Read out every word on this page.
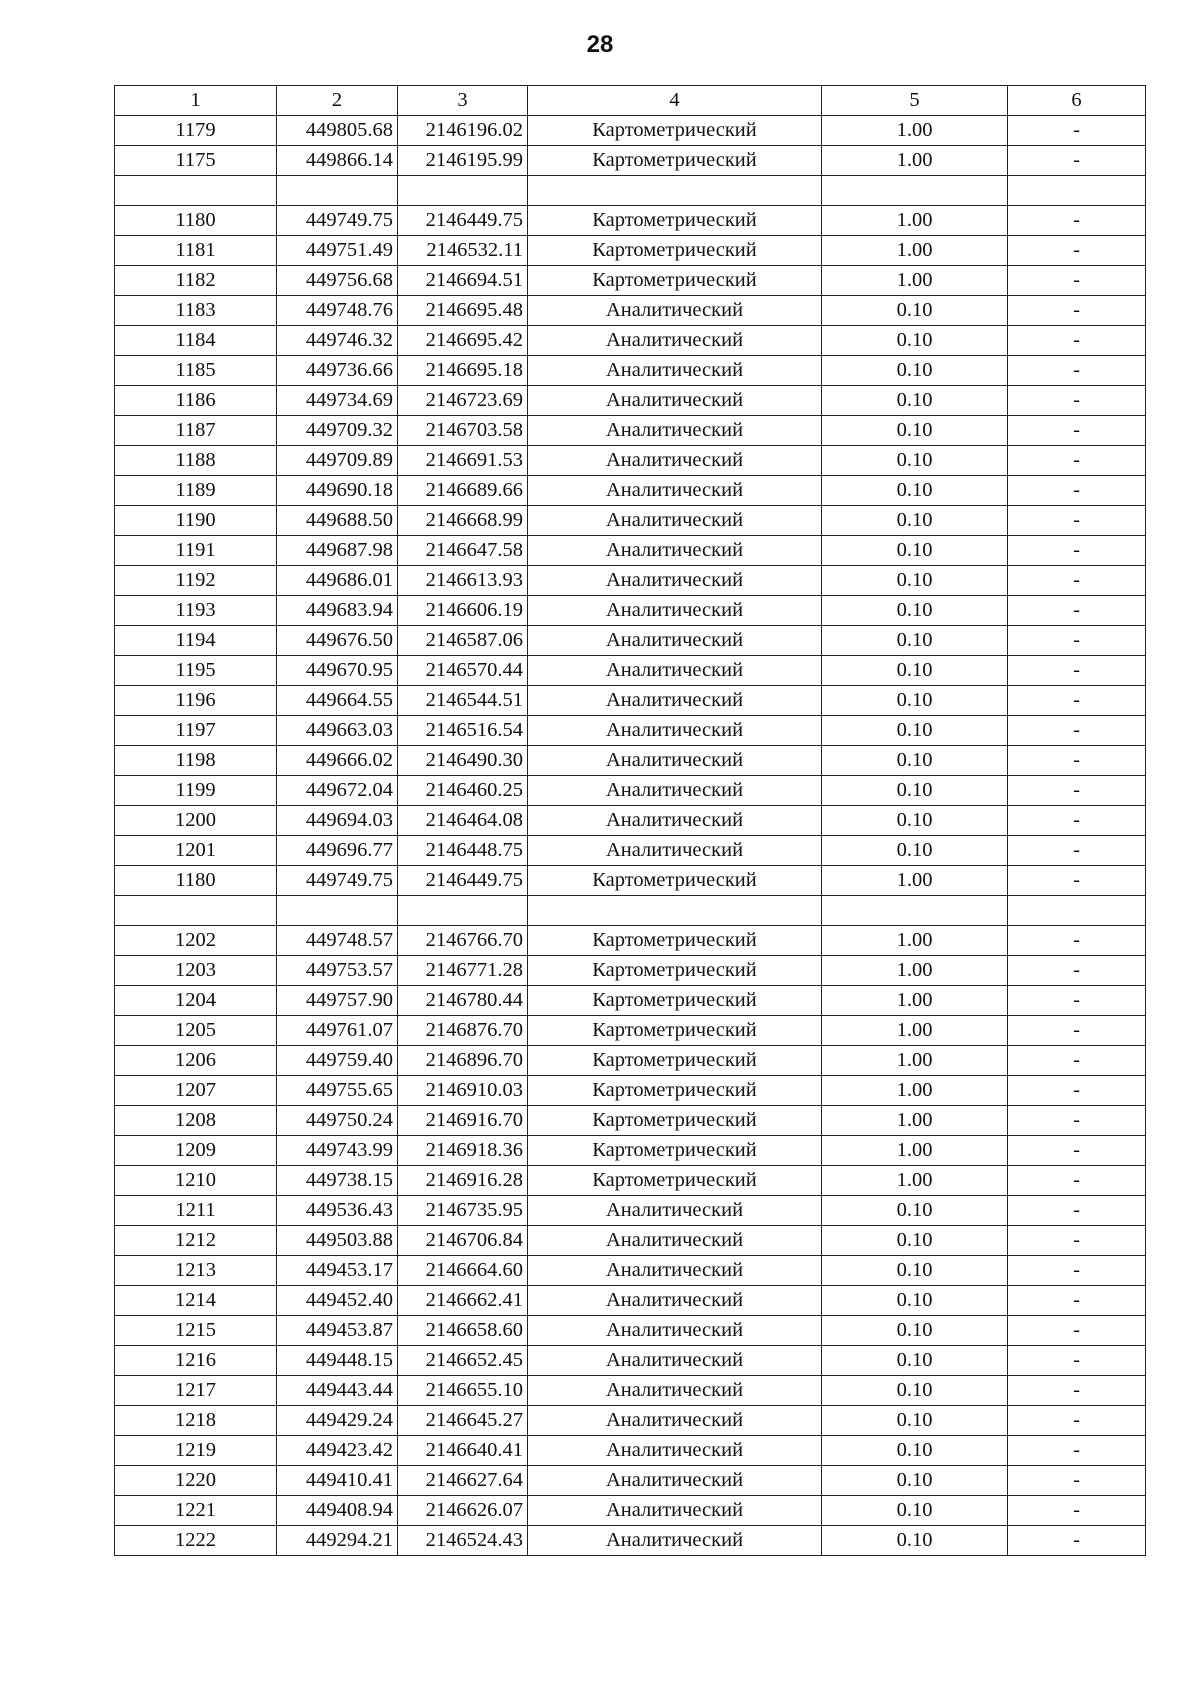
28
1	2	3	4	5	6
1179	449805.68	2146196.02	Картометрический	1.00	-
1175	449866.14	2146195.99	Картометрический	1.00	-

1180	449749.75	2146449.75	Картометрический	1.00	-
1181	449751.49	2146532.11	Картометрический	1.00	-
1182	449756.68	2146694.51	Картометрический	1.00	-
1183	449748.76	2146695.48	Аналитический	0.10	-
1184	449746.32	2146695.42	Аналитический	0.10	-
1185	449736.66	2146695.18	Аналитический	0.10	-
1186	449734.69	2146723.69	Аналитический	0.10	-
1187	449709.32	2146703.58	Аналитический	0.10	-
1188	449709.89	2146691.53	Аналитический	0.10	-
1189	449690.18	2146689.66	Аналитический	0.10	-
1190	449688.50	2146668.99	Аналитический	0.10	-
1191	449687.98	2146647.58	Аналитический	0.10	-
1192	449686.01	2146613.93	Аналитический	0.10	-
1193	449683.94	2146606.19	Аналитический	0.10	-
1194	449676.50	2146587.06	Аналитический	0.10	-
1195	449670.95	2146570.44	Аналитический	0.10	-
1196	449664.55	2146544.51	Аналитический	0.10	-
1197	449663.03	2146516.54	Аналитический	0.10	-
1198	449666.02	2146490.30	Аналитический	0.10	-
1199	449672.04	2146460.25	Аналитический	0.10	-
1200	449694.03	2146464.08	Аналитический	0.10	-
1201	449696.77	2146448.75	Аналитический	0.10	-
1180	449749.75	2146449.75	Картометрический	1.00	-

1202	449748.57	2146766.70	Картометрический	1.00	-
1203	449753.57	2146771.28	Картометрический	1.00	-
1204	449757.90	2146780.44	Картометрический	1.00	-
1205	449761.07	2146876.70	Картометрический	1.00	-
1206	449759.40	2146896.70	Картометрический	1.00	-
1207	449755.65	2146910.03	Картометрический	1.00	-
1208	449750.24	2146916.70	Картометрический	1.00	-
1209	449743.99	2146918.36	Картометрический	1.00	-
1210	449738.15	2146916.28	Картометрический	1.00	-
1211	449536.43	2146735.95	Аналитический	0.10	-
1212	449503.88	2146706.84	Аналитический	0.10	-
1213	449453.17	2146664.60	Аналитический	0.10	-
1214	449452.40	2146662.41	Аналитический	0.10	-
1215	449453.87	2146658.60	Аналитический	0.10	-
1216	449448.15	2146652.45	Аналитический	0.10	-
1217	449443.44	2146655.10	Аналитический	0.10	-
1218	449429.24	2146645.27	Аналитический	0.10	-
1219	449423.42	2146640.41	Аналитический	0.10	-
1220	449410.41	2146627.64	Аналитический	0.10	-
1221	449408.94	2146626.07	Аналитический	0.10	-
1222	449294.21	2146524.43	Аналитический	0.10	-
